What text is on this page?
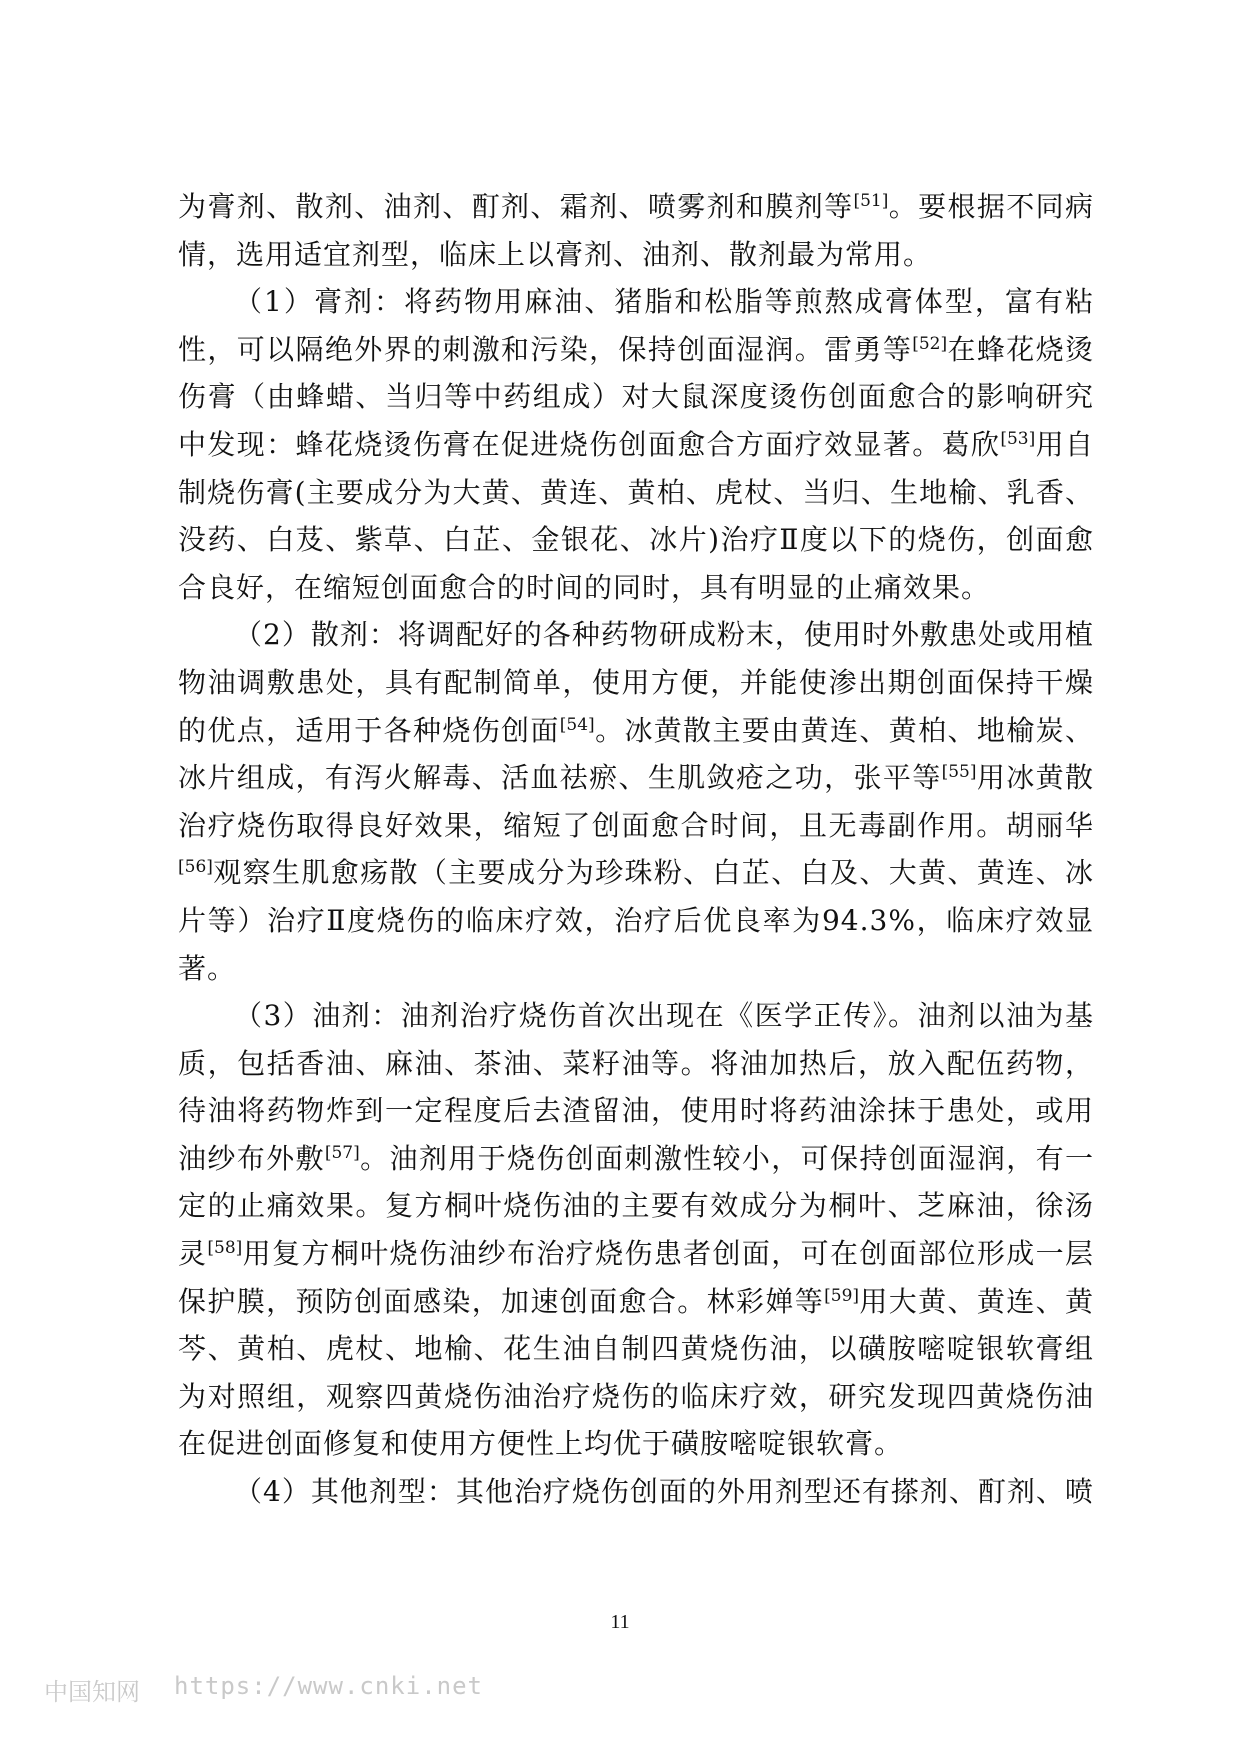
为膏剂、散剂、油剂、酊剂、霜剂、喷雾剂和膜剂等[51]。要根据不同病情，选用适宜剂型，临床上以膏剂、油剂、散剂最为常用。

（1）膏剂：将药物用麻油、猪脂和松脂等煎熬成膏体型，富有粘性，可以隔绝外界的刺激和污染，保持创面湿润。雷勇等[52]在蜂花烧烫伤膏（由蜂蜡、当归等中药组成）对大鼠深度烫伤创面愈合的影响研究中发现：蜂花烧烫伤膏在促进烧伤创面愈合方面疗效显著。葛欣[53]用自制烧伤膏(主要成分为大黄、黄连、黄柏、虎杖、当归、生地榆、乳香、没药、白芨、紫草、白芷、金银花、冰片)治疗Ⅱ度以下的烧伤，创面愈合良好，在缩短创面愈合的时间的同时，具有明显的止痛效果。

（2）散剂：将调配好的各种药物研成粉末，使用时外敷患处或用植物油调敷患处，具有配制简单，使用方便，并能使渗出期创面保持干燥的优点，适用于各种烧伤创面[54]。冰黄散主要由黄连、黄柏、地榆炭、冰片组成，有泻火解毒、活血祛瘀、生肌敛疮之功，张平等[55]用冰黄散治疗烧伤取得良好效果，缩短了创面愈合时间，且无毒副作用。胡丽华[56]观察生肌愈疡散（主要成分为珍珠粉、白芷、白及、大黄、黄连、冰片等）治疗Ⅱ度烧伤的临床疗效，治疗后优良率为94.3%，临床疗效显著。

（3）油剂：油剂治疗烧伤首次出现在《医学正传》。油剂以油为基质，包括香油、麻油、茶油、菜籽油等。将油加热后，放入配伍药物，待油将药物炸到一定程度后去渣留油，使用时将药油涂抹于患处，或用油纱布外敷[57]。油剂用于烧伤创面刺激性较小，可保持创面湿润，有一定的止痛效果。复方桐叶烧伤油的主要有效成分为桐叶、芝麻油，徐汤灵[58]用复方桐叶烧伤油纱布治疗烧伤患者创面，可在创面部位形成一层保护膜，预防创面感染，加速创面愈合。林彩婵等[59]用大黄、黄连、黄芩、黄柏、虎杖、地榆、花生油自制四黄烧伤油，以磺胺嘧啶银软膏组为对照组，观察四黄烧伤油治疗烧伤的临床疗效，研究发现四黄烧伤油在促进创面修复和使用方便性上均优于磺胺嘧啶银软膏。

（4）其他剂型：其他治疗烧伤创面的外用剂型还有搽剂、酊剂、喷

11
中国知网 https://www.cnki.net
